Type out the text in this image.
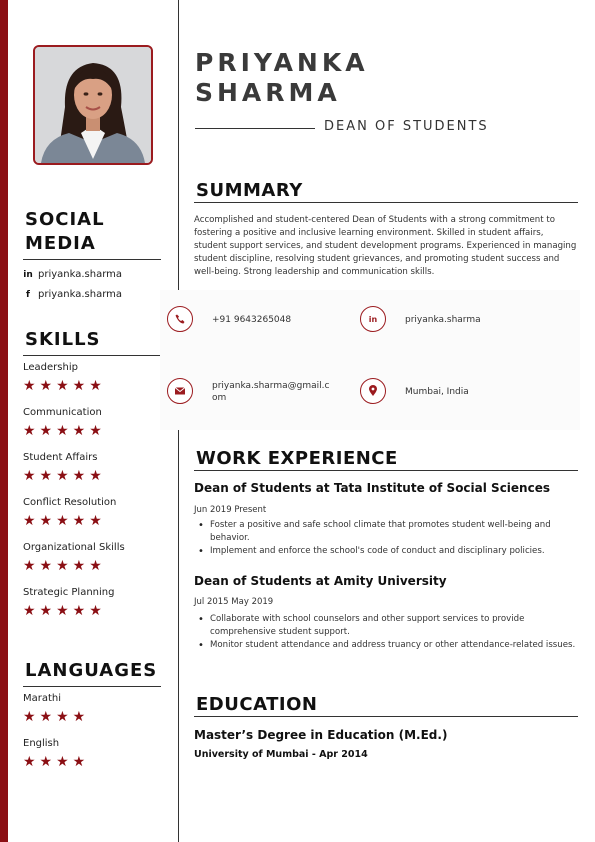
SOCIAL
MEDIA
in priyanka.sharma
f priyanka.sharma
SKILLS
Leadership
★★★★★
Communication
★★★★★
Student Affairs
★★★★★
Conflict Resolution
★★★★★
Organizational Skills
★★★★★
Strategic Planning
★★★★★
LANGUAGES
Marathi
★★★★
English
★★★★
PRIYANKA
SHARMA
DEAN OF STUDENTS
SUMMARY
Accomplished and student-centered Dean of Students with a strong commitment to fostering a positive and inclusive learning environment. Skilled in student affairs, student support services, and student development programs. Experienced in managing student discipline, resolving student grievances, and promoting student success and well-being. Strong leadership and communication skills.
+91 9643265048	in	priyanka.sharma
priyanka.sharma@gmail.com
Mumbai, India
WORK EXPERIENCE
Dean of Students at Tata Institute of Social Sciences
Jun 2019 Present
• Foster a positive and safe school climate that promotes student well-being and behavior.
• Implement and enforce the school's code of conduct and disciplinary policies.
Dean of Students at Amity University
Jul 2015 May 2019
• Collaborate with school counselors and other support services to provide comprehensive student support.
• Monitor student attendance and address truancy or other attendance-related issues.
EDUCATION
Master’s Degree in Education (M.Ed.)
University of Mumbai - Apr 2014
